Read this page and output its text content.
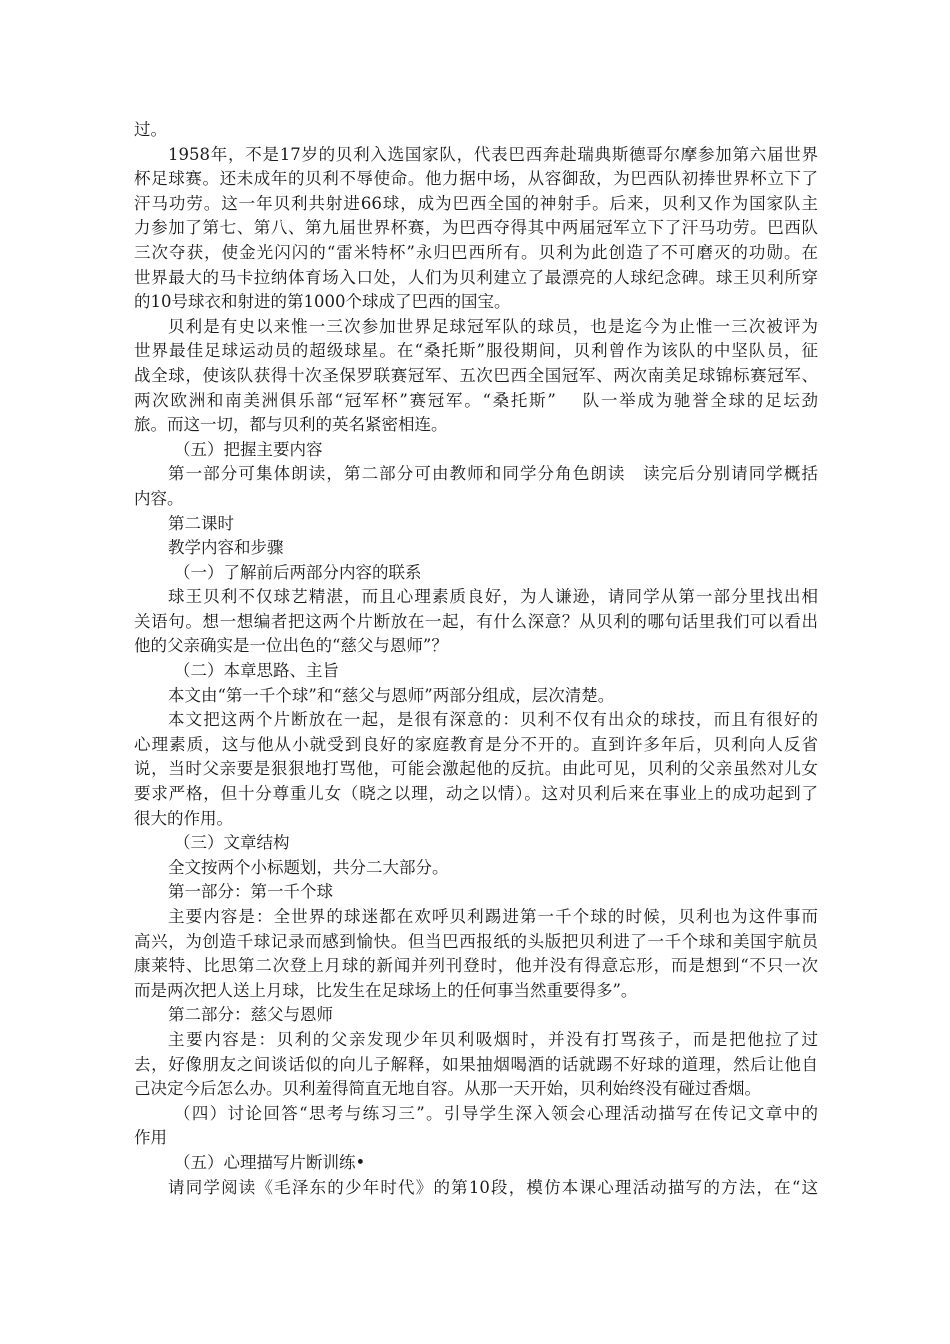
过。
1958年，不是17岁的贝利入选国家队，代表巴西奔赴瑞典斯德哥尔摩参加第六届世界
杯足球赛。还未成年的贝利不辱使命。他力据中场，从容御敌，为巴西队初捧世界杯立下了
汗马功劳。这一年贝利共射进66球，成为巴西全国的神射手。后来，贝利又作为国家队主
力参加了第七、第八、第九届世界杯赛，为巴西夺得其中两届冠军立下了汗马功劳。巴西队
三次夺获，使金光闪闪的“雷米特杯”永归巴西所有。贝利为此创造了不可磨灭的功勋。在
世界最大的马卡拉纳体育场入口处，人们为贝利建立了最漂亮的人球纪念碑。球王贝利所穿
的10号球衣和射进的第1000个球成了巴西的国宝。
贝利是有史以来惟一三次参加世界足球冠军队的球员，也是迄今为止惟一三次被评为
世界最佳足球运动员的超级球星。在“桑托斯”服役期间，贝利曾作为该队的中坚队员，征
战全球，使该队获得十次圣保罗联赛冠军、五次巴西全国冠军、两次南美足球锦标赛冠军、
两次欧洲和南美洲俱乐部“冠军杯”赛冠军。“桑托斯”　 队一举成为驰誉全球的足坛劲
旅。而这一切，都与贝利的英名紧密相连。
（五）把握主要内容
第一部分可集体朗读，第二部分可由教师和同学分角色朗读　读完后分别请同学概括
内容。
第二课时
教学内容和步骤
（一）了解前后两部分内容的联系
球王贝利不仅球艺精湛，而且心理素质良好，为人谦逊，请同学从第一部分里找出相
关语句。想一想编者把这两个片断放在一起，有什么深意？从贝利的哪句话里我们可以看出
他的父亲确实是一位出色的“慈父与恩师”？
（二）本章思路、主旨
本文由“第一千个球”和“慈父与恩师”两部分组成，层次清楚。
本文把这两个片断放在一起，是很有深意的：贝利不仅有出众的球技，而且有很好的
心理素质，这与他从小就受到良好的家庭教育是分不开的。直到许多年后，贝利向人反省
说，当时父亲要是狠狠地打骂他，可能会激起他的反抗。由此可见，贝利的父亲虽然对儿女
要求严格，但十分尊重儿女（晓之以理，动之以情）。这对贝利后来在事业上的成功起到了
很大的作用。
（三）文章结构
全文按两个小标题划，共分二大部分。
第一部分：第一千个球
主要内容是：全世界的球迷都在欢呼贝利踢进第一千个球的时候，贝利也为这件事而
高兴，为创造千球记录而感到愉快。但当巴西报纸的头版把贝利进了一千个球和美国宇航员
康莱特、比思第二次登上月球的新闻并列刊登时，他并没有得意忘形，而是想到“不只一次
而是两次把人送上月球，比发生在足球场上的任何事当然重要得多”。
第二部分：慈父与恩师
主要内容是：贝利的父亲发现少年贝利吸烟时，并没有打骂孩子，而是把他拉了过
去，好像朋友之间谈话似的向儿子解释，如果抽烟喝酒的话就踢不好球的道理，然后让他自
己决定今后怎么办。贝利羞得简直无地自容。从那一天开始，贝利始终没有碰过香烟。
（四）讨论回答“思考与练习三”。引导学生深入领会心理活动描写在传记文章中的
作用
（五）心理描写片断训练•
请同学阅读《毛泽东的少年时代》的第10段，模仿本课心理活动描写的方法，在“这
